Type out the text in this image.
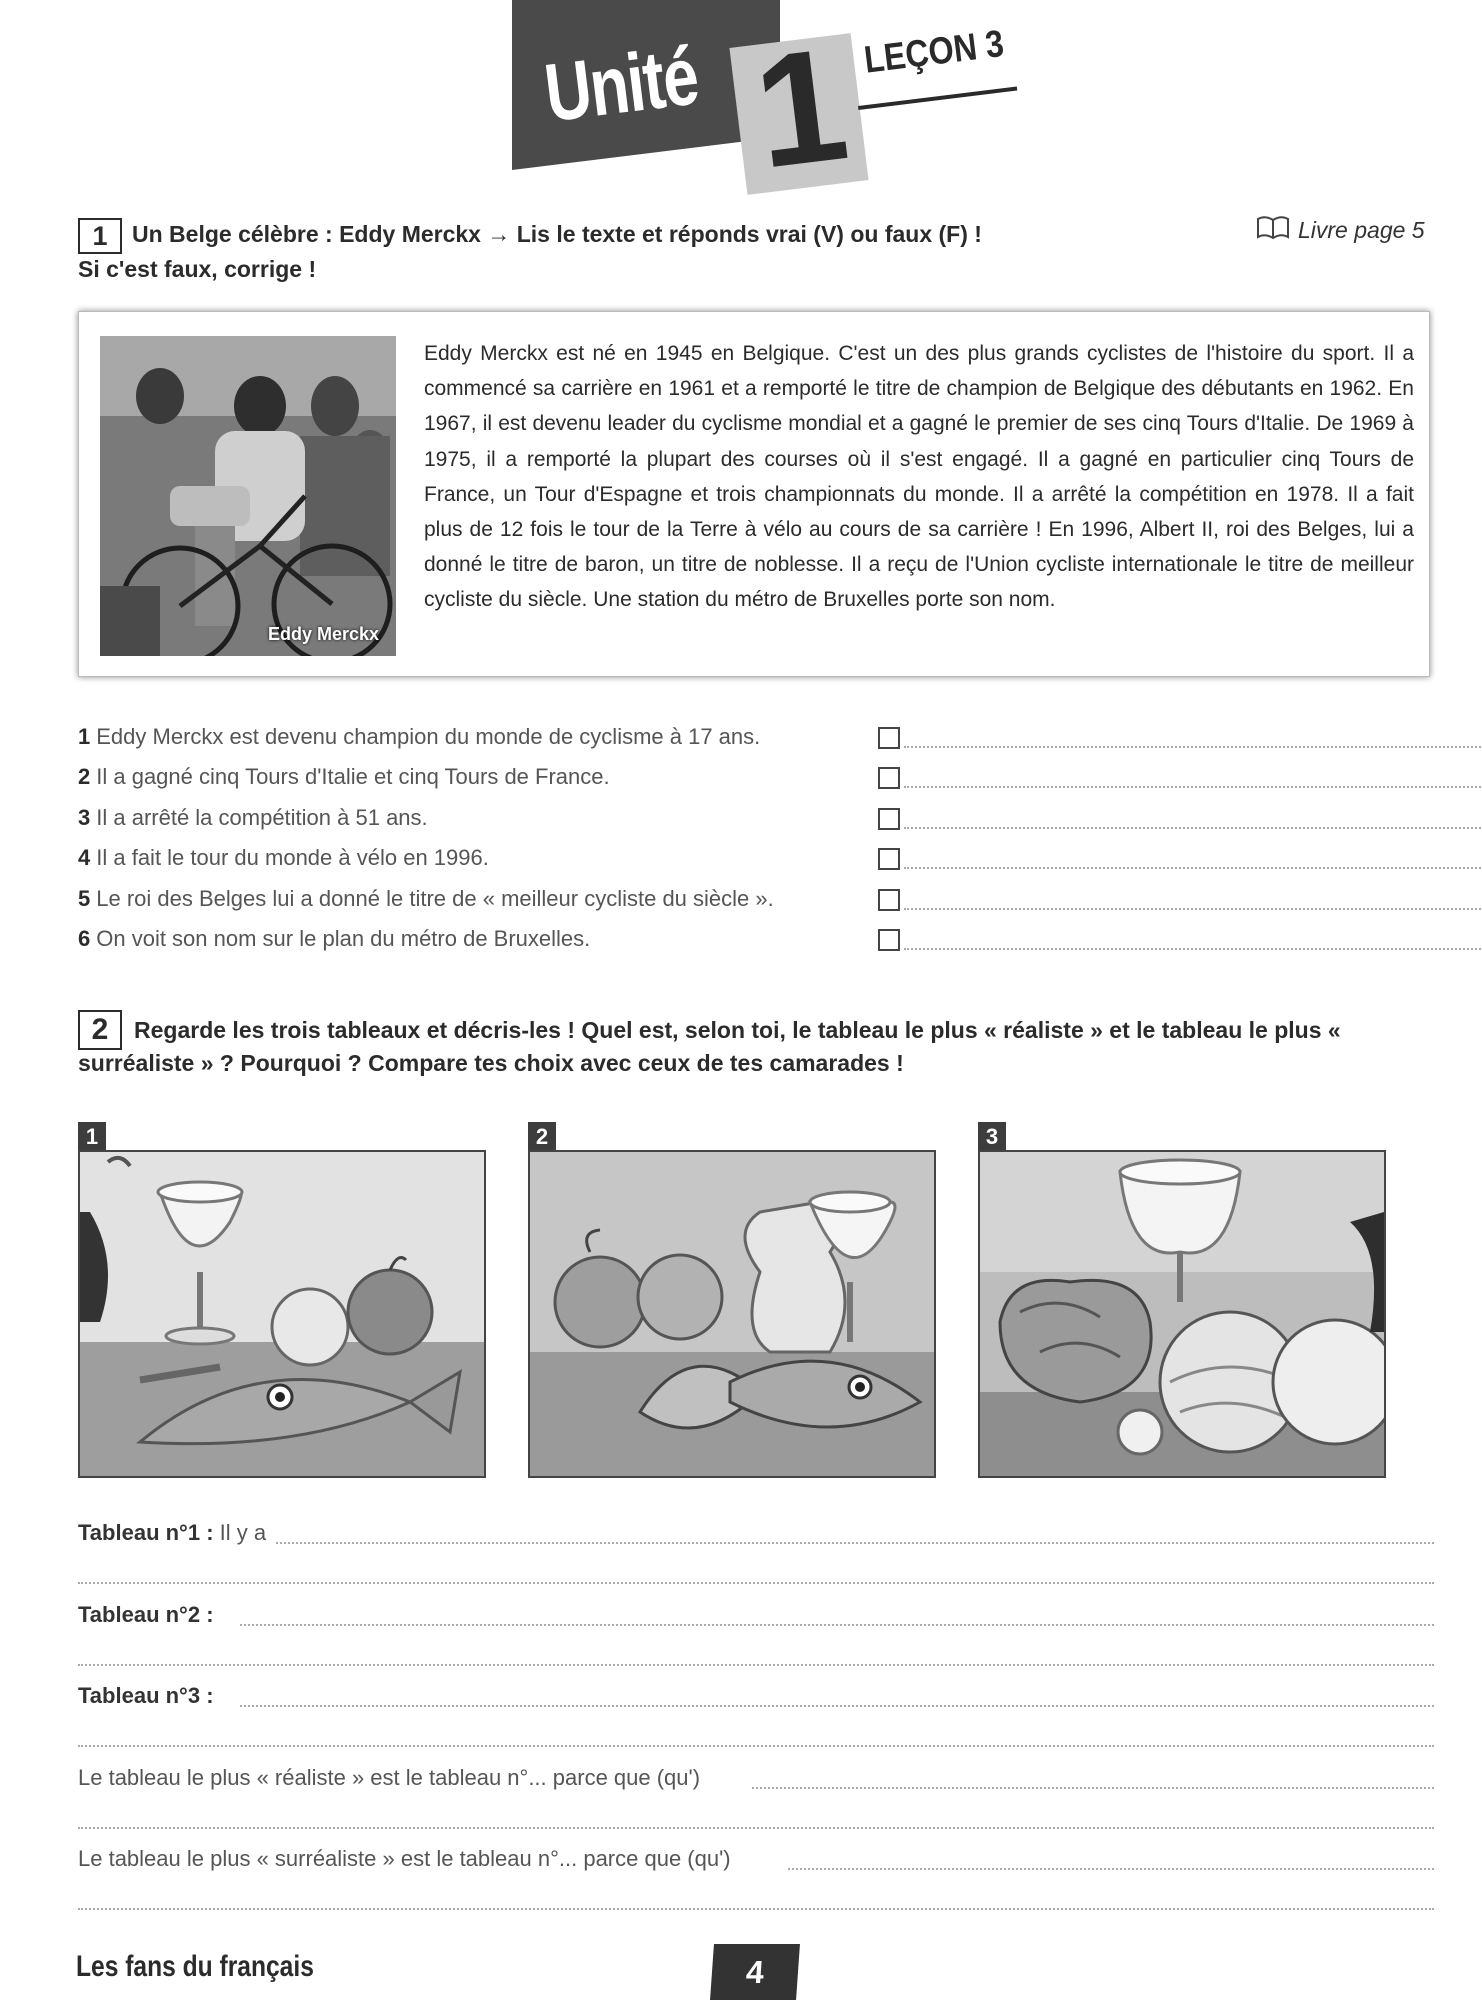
Unité 1 LEÇON 3
1	Un Belge célèbre : Eddy Merckx → Lis le texte et réponds vrai (V) ou faux (F) !
Si c'est faux, corrige !
Livre page 5
Eddy Merckx
Eddy Merckx est né en 1945 en Belgique. C'est un des plus grands cyclistes de l'histoire du sport. Il a commencé sa carrière en 1961 et a remporté le titre de champion de Belgique des débutants en 1962. En 1967, il est devenu leader du cyclisme mondial et a gagné le premier de ses cinq Tours d'Italie. De 1969 à 1975, il a remporté la plupart des courses où il s'est engagé. Il a gagné en particulier cinq Tours de France, un Tour d'Espagne et trois championnats du monde. Il a arrêté la compétition en 1978. Il a fait plus de 12 fois le tour de la Terre à vélo au cours de sa carrière ! En 1996, Albert II, roi des Belges, lui a donné le titre de baron, un titre de noblesse. Il a reçu de l'Union cycliste internationale le titre de meilleur cycliste du siècle. Une station du métro de Bruxelles porte son nom.
1 Eddy Merckx est devenu champion du monde de cyclisme à 17 ans.
2 Il a gagné cinq Tours d'Italie et cinq Tours de France.
3 Il a arrêté la compétition à 51 ans.
4 Il a fait le tour du monde à vélo en 1996.
5 Le roi des Belges lui a donné le titre de « meilleur cycliste du siècle ».
6 On voit son nom sur le plan du métro de Bruxelles.
Regarde les trois tableaux et décris-les ! Quel est, selon toi, le tableau le plus « réaliste » et le tableau le plus « surréaliste » ? Pourquoi ? Compare tes choix avec ceux de tes camarades !
2
1	2	3
Tableau n°1 : Il y a
Tableau n°2 :
Tableau n°3 :
Le tableau le plus « réaliste » est le tableau n°... parce que (qu')
Le tableau le plus « surréaliste » est le tableau n°... parce que (qu')
Les fans du français	4
